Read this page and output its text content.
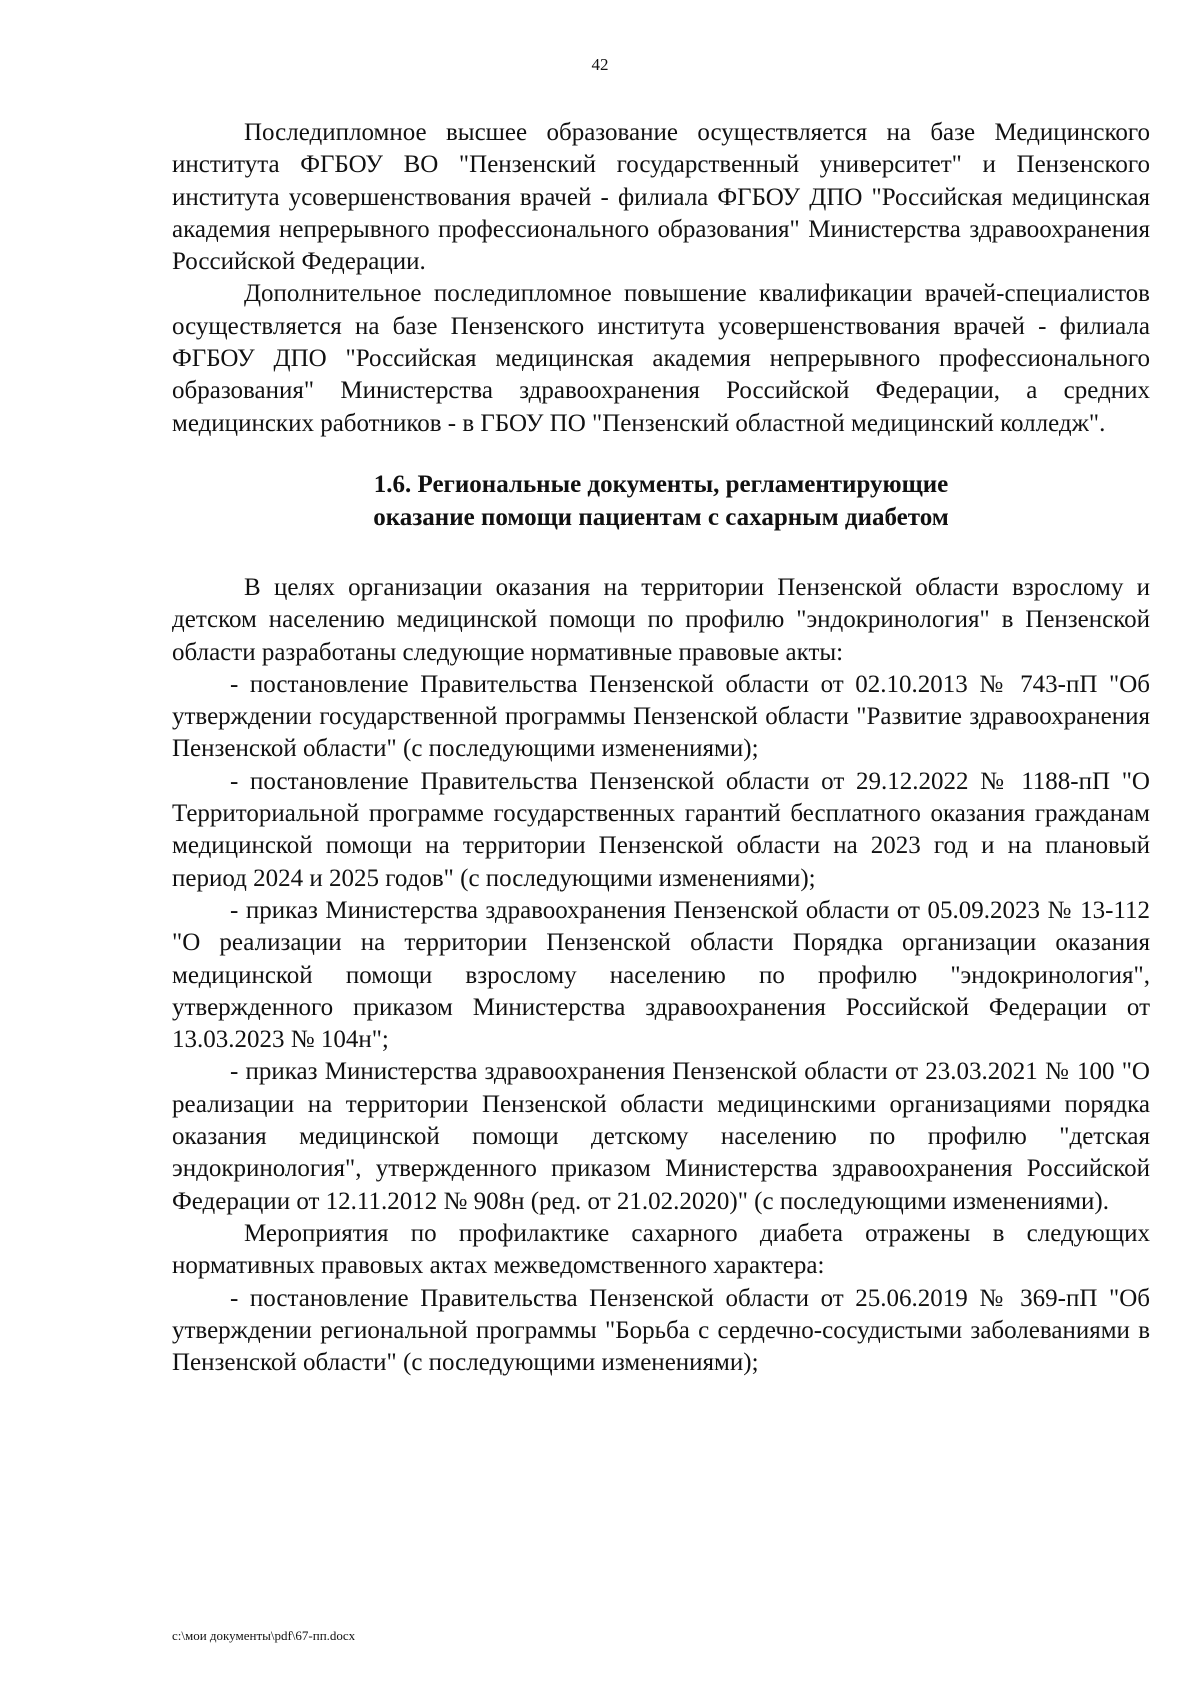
42

Последипломное высшее образование осуществляется на базе Медицинского института ФГБОУ ВО "Пензенский государственный университет" и Пензенского института усовершенствования врачей - филиала ФГБОУ ДПО "Российская медицинская академия непрерывного профессионального образования" Министерства здравоохранения Российской Федерации.

Дополнительное последипломное повышение квалификации врачей-специалистов осуществляется на базе Пензенского института усовершенствования врачей - филиала ФГБОУ ДПО "Российская медицинская академия непрерывного профессионального образования" Министерства здравоохранения Российской Федерации, а средних медицинских работников - в ГБОУ ПО "Пензенский областной медицинский колледж".

1.6. Региональные документы, регламентирующие
оказание помощи пациентам с сахарным диабетом

В целях организации оказания на территории Пензенской области взрослому и детском населению медицинской помощи по профилю "эндокринология" в Пензенской области разработаны следующие нормативные правовые акты:

- постановление Правительства Пензенской области от 02.10.2013 № 743-пП "Об утверждении государственной программы Пензенской области "Развитие здравоохранения Пензенской области" (с последующими изменениями);

- постановление Правительства Пензенской области от 29.12.2022 № 1188-пП "О Территориальной программе государственных гарантий бесплатного оказания гражданам медицинской помощи на территории Пензенской области на 2023 год и на плановый период 2024 и 2025 годов" (с последующими изменениями);

- приказ Министерства здравоохранения Пензенской области от 05.09.2023 № 13-112 "О реализации на территории Пензенской области Порядка организации оказания медицинской помощи взрослому населению по профилю "эндокринология", утвержденного приказом Министерства здравоохранения Российской Федерации от 13.03.2023 № 104н";

- приказ Министерства здравоохранения Пензенской области от 23.03.2021 № 100 "О реализации на территории Пензенской области медицинскими организациями порядка оказания медицинской помощи детскому населению по профилю "детская эндокринология", утвержденного приказом Министерства здравоохранения Российской Федерации от 12.11.2012 № 908н (ред. от 21.02.2020)" (с последующими изменениями).

Мероприятия по профилактике сахарного диабета отражены в следующих нормативных правовых актах межведомственного характера:

- постановление Правительства Пензенской области от 25.06.2019 № 369-пП "Об утверждении региональной программы "Борьба с сердечно-сосудистыми заболеваниями в Пензенской области" (с последующими изменениями);

c:\мои документы\pdf\67-пп.docx
